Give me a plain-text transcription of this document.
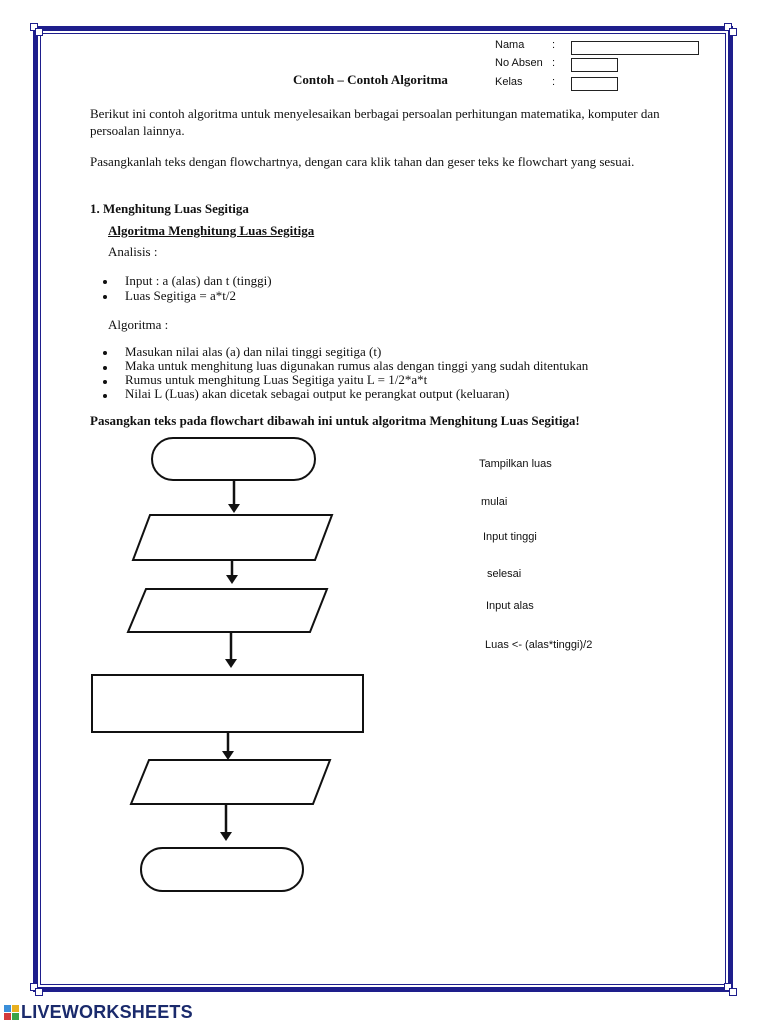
Nama	:
No Absen :
Kelas	:
Contoh – Contoh Algoritma
Berikut ini contoh algoritma untuk menyelesaikan berbagai persoalan perhitungan matematika, komputer dan persoalan lainnya.
Pasangkanlah teks dengan flowchartnya, dengan cara klik tahan dan geser teks ke flowchart yang sesuai.
1. Menghitung Luas Segitiga
Algoritma Menghitung Luas Segitiga
Analisis :
Input : a (alas) dan t (tinggi)
Luas Segitiga = a*t/2
Algoritma :
Masukan nilai alas (a) dan nilai tinggi segitiga (t)
Maka untuk menghitung luas digunakan rumus alas dengan tinggi yang sudah ditentukan
Rumus untuk menghitung Luas Segitiga yaitu L = 1/2*a*t
Nilai L (Luas) akan dicetak sebagai output ke perangkat output (keluaran)
Pasangkan teks pada flowchart dibawah ini untuk algoritma Menghitung Luas Segitiga!
Tampilkan luas
mulai
Input tinggi
selesai
Input alas
Luas <- (alas*tinggi)/2
LIVEWORKSHEETS
